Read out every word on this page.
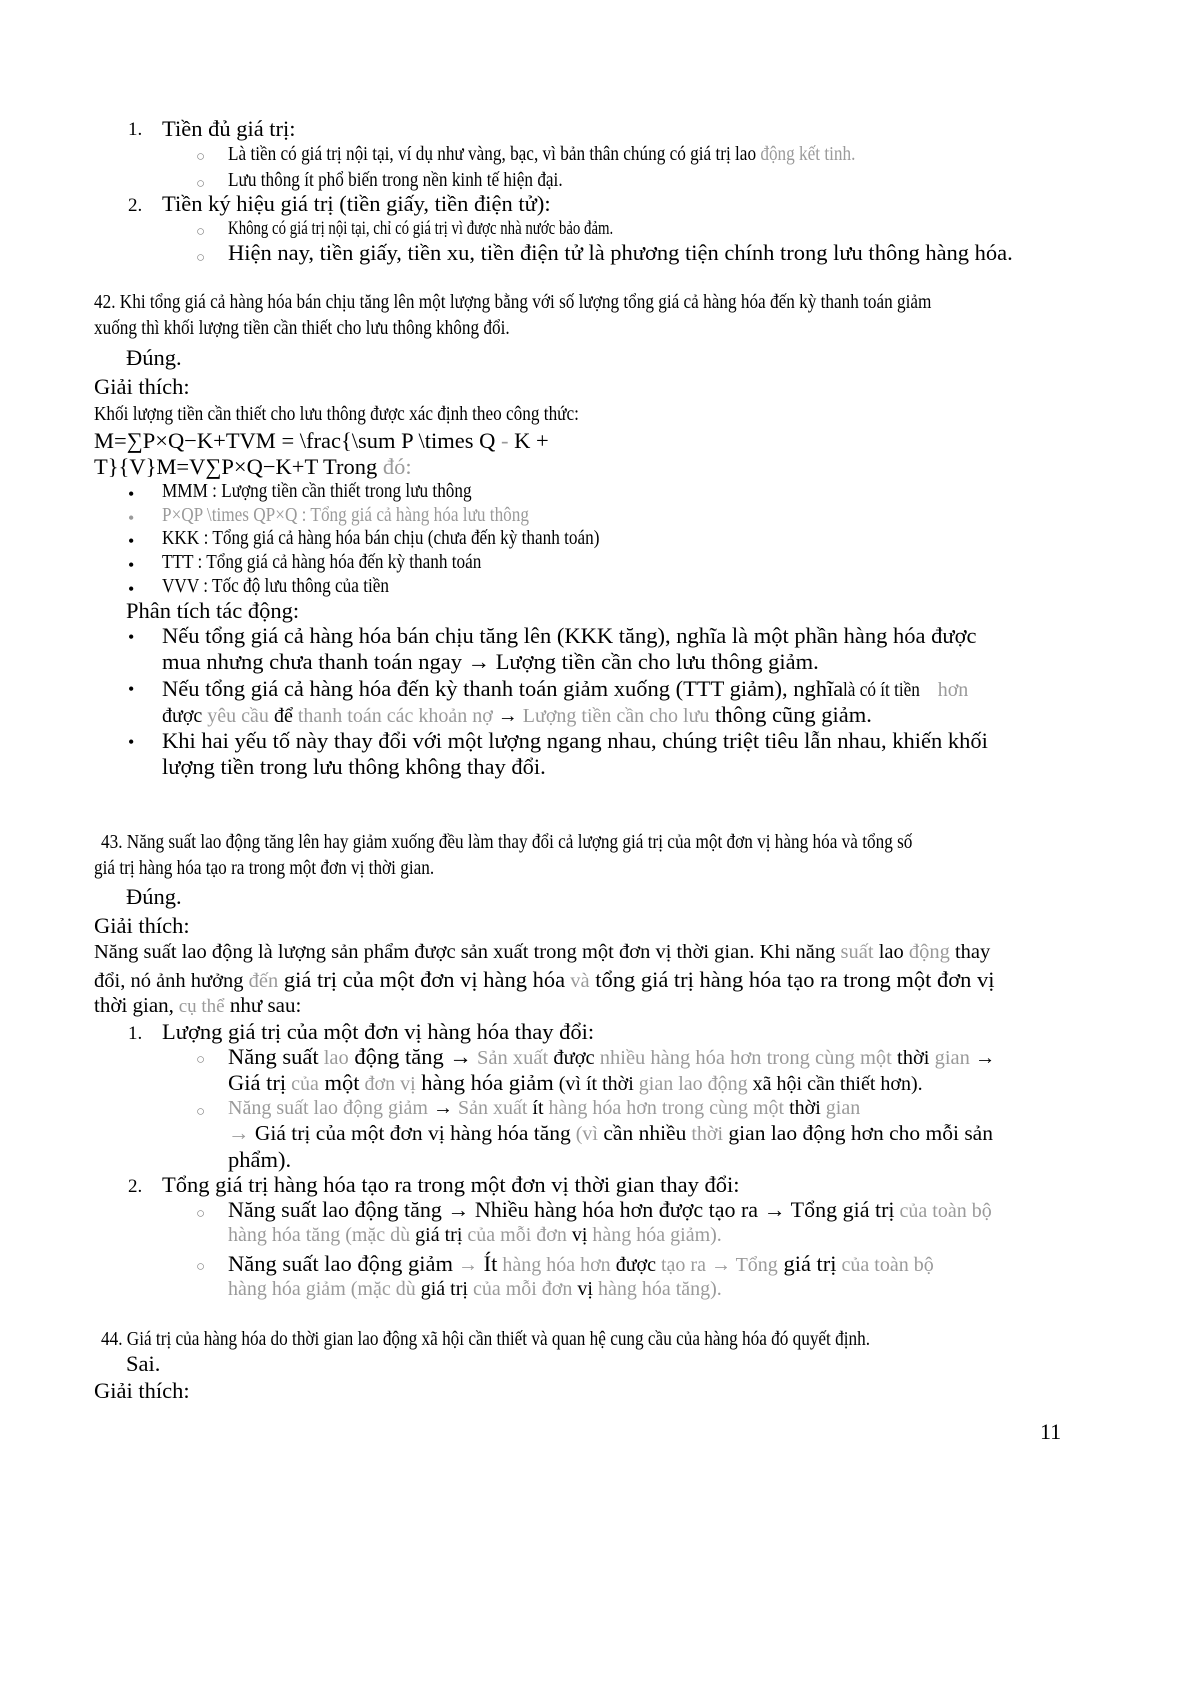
1. Tiền đủ giá trị:
○ Là tiền có giá trị nội tại, ví dụ như vàng, bạc, vì bản thân chúng có giá trị lao động kết tinh.
○ Lưu thông ít phổ biến trong nền kinh tế hiện đại.
2. Tiền ký hiệu giá trị (tiền giấy, tiền điện tử):
○ Không có giá trị nội tại, chỉ có giá trị vì được nhà nước bảo đảm.
○ Hiện nay, tiền giấy, tiền xu, tiền điện tử là phương tiện chính trong lưu thông hàng hóa.
42. Khi tổng giá cả hàng hóa bán chịu tăng lên một lượng bằng với số lượng tổng giá cả hàng hóa đến kỳ thanh toán giảm
xuống thì khối lượng tiền cần thiết cho lưu thông không đổi.
Đúng.
Giải thích:
Khối lượng tiền cần thiết cho lưu thông được xác định theo công thức:
M=∑P×Q−K+TVM = \frac{\sum P \times Q - K +
T}{V}M=V∑P×Q−K+T Trong đó:
• MMM : Lượng tiền cần thiết trong lưu thông
• P×QP \times QP×Q : Tổng giá cả hàng hóa lưu thông
• KKK : Tổng giá cả hàng hóa bán chịu (chưa đến kỳ thanh toán)
• TTT : Tổng giá cả hàng hóa đến kỳ thanh toán
• VVV : Tốc độ lưu thông của tiền
Phân tích tác động:
• Nếu tổng giá cả hàng hóa bán chịu tăng lên (KKK tăng), nghĩa là một phần hàng hóa được
mua nhưng chưa thanh toán ngay → Lượng tiền cần cho lưu thông giảm.
• Nếu tổng giá cả hàng hóa đến kỳ thanh toán giảm xuống (TTT giảm), nghĩalà có ít tiền hơn
được yêu cầu để thanh toán các khoản nợ → Lượng tiền cần cho lưu thông cũng giảm.
• Khi hai yếu tố này thay đổi với một lượng ngang nhau, chúng triệt tiêu lẫn nhau, khiến khối
lượng tiền trong lưu thông không thay đổi.
43. Năng suất lao động tăng lên hay giảm xuống đều làm thay đổi cả lượng giá trị của một đơn vị hàng hóa và tổng số
giá trị hàng hóa tạo ra trong một đơn vị thời gian.
Đúng.
Giải thích:
Năng suất lao động là lượng sản phẩm được sản xuất trong một đơn vị thời gian. Khi năng suất lao động thay
đổi, nó ảnh hưởng đến giá trị của một đơn vị hàng hóa và tổng giá trị hàng hóa tạo ra trong một đơn vị
thời gian, cụ thể như sau:
1. Lượng giá trị của một đơn vị hàng hóa thay đổi:
○ Năng suất lao động tăng → Sản xuất được nhiều hàng hóa hơn trong cùng một thời gian →
Giá trị của một đơn vị hàng hóa giảm (vì ít thời gian lao động xã hội cần thiết hơn).
○ Năng suất lao động giảm → Sản xuất ít hàng hóa hơn trong cùng một thời gian
→ Giá trị của một đơn vị hàng hóa tăng (vì cần nhiều thời gian lao động hơn cho mỗi sản
phẩm).
2. Tổng giá trị hàng hóa tạo ra trong một đơn vị thời gian thay đổi:
○ Năng suất lao động tăng → Nhiều hàng hóa hơn được tạo ra → Tổng giá trị của toàn bộ
hàng hóa tăng (mặc dù giá trị của mỗi đơn vị hàng hóa giảm).
○ Năng suất lao động giảm → Ít hàng hóa hơn được tạo ra → Tổng giá trị của toàn bộ
hàng hóa giảm (mặc dù giá trị của mỗi đơn vị hàng hóa tăng).
44. Giá trị của hàng hóa do thời gian lao động xã hội cần thiết và quan hệ cung cầu của hàng hóa đó quyết định.
Sai.
Giải thích:
11
